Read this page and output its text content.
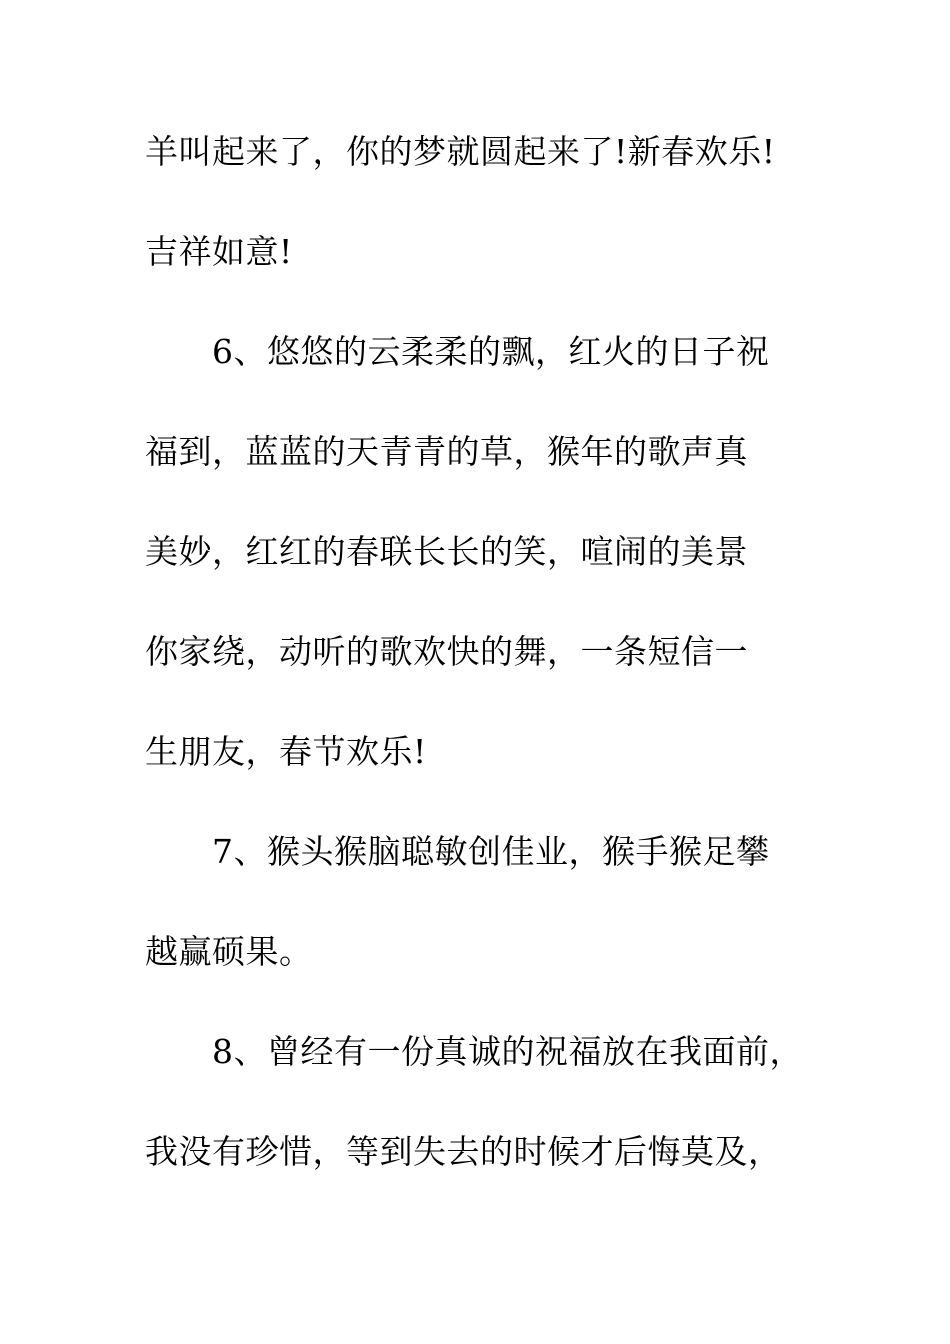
羊叫起来了，你的梦就圆起来了!新春欢乐!
吉祥如意!
6、悠悠的云柔柔的飘，红火的日子祝
福到，蓝蓝的天青青的草，猴年的歌声真
美妙，红红的春联长长的笑，喧闹的美景
你家绕，动听的歌欢快的舞，一条短信一
生朋友，春节欢乐!
7、猴头猴脑聪敏创佳业，猴手猴足攀
越赢硕果。
8、曾经有一份真诚的祝福放在我面前，
我没有珍惜，等到失去的时候才后悔莫及，
